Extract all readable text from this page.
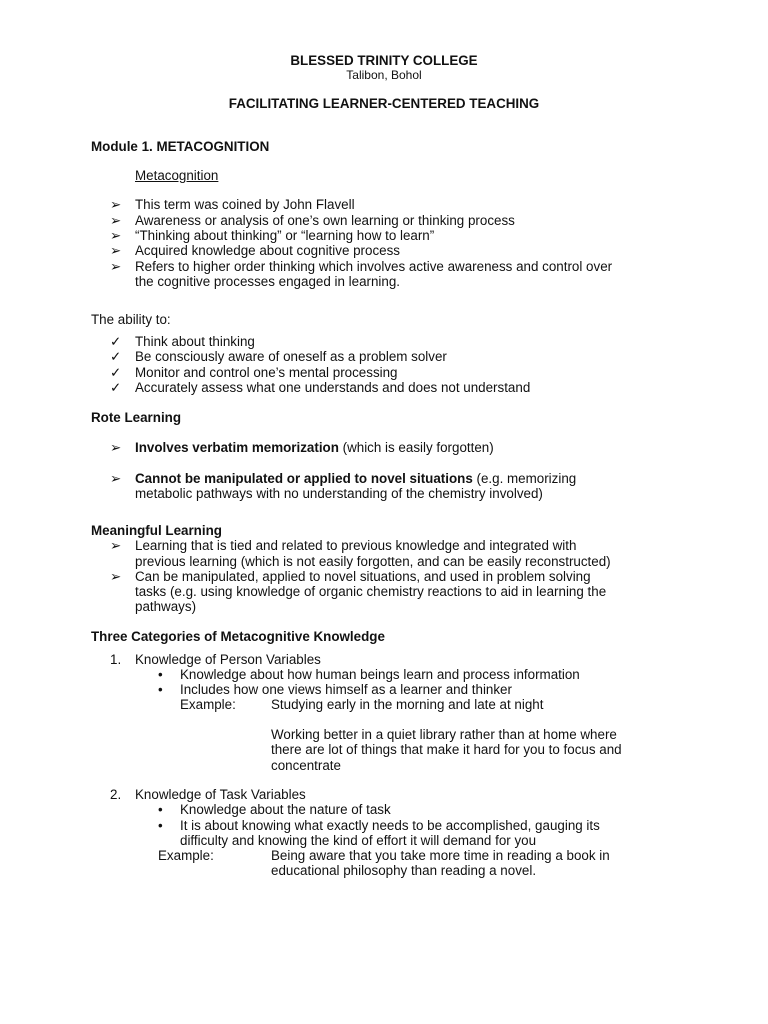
BLESSED TRINITY COLLEGE
Talibon, Bohol
FACILITATING LEARNER-CENTERED TEACHING
Module 1. METACOGNITION
Metacognition
➢	This term was coined by John Flavell
➢	Awareness or analysis of one’s own learning or thinking process
➢	“Thinking about thinking” or “learning how to learn”
➢	Acquired knowledge about cognitive process
➢	Refers to higher order thinking which involves active awareness and control over
the cognitive processes engaged in learning.
The ability to:
✓	Think about thinking
✓	Be consciously aware of oneself as a problem solver
✓	Monitor and control one’s mental processing
✓	Accurately assess what one understands and does not understand
Rote Learning
➢	Involves verbatim memorization (which is easily forgotten)
➢	Cannot be manipulated or applied to novel situations (e.g. memorizing
metabolic pathways with no understanding of the chemistry involved)
Meaningful Learning
➢	Learning that is tied and related to previous knowledge and integrated with
previous learning (which is not easily forgotten, and can be easily reconstructed)
➢	Can be manipulated, applied to novel situations, and used in problem solving
tasks (e.g. using knowledge of organic chemistry reactions to aid in learning the
pathways)
Three Categories of Metacognitive Knowledge
1. Knowledge of Person Variables
• Knowledge about how human beings learn and process information
• Includes how one views himself as a learner and thinker
Example:	Studying early in the morning and late at night
Working better in a quiet library rather than at home where
there are lot of things that make it hard for you to focus and
concentrate
2. Knowledge of Task Variables
• Knowledge about the nature of task
• It is about knowing what exactly needs to be accomplished, gauging its
difficulty and knowing the kind of effort it will demand for you
Example:	Being aware that you take more time in reading a book in
educational philosophy than reading a novel.
